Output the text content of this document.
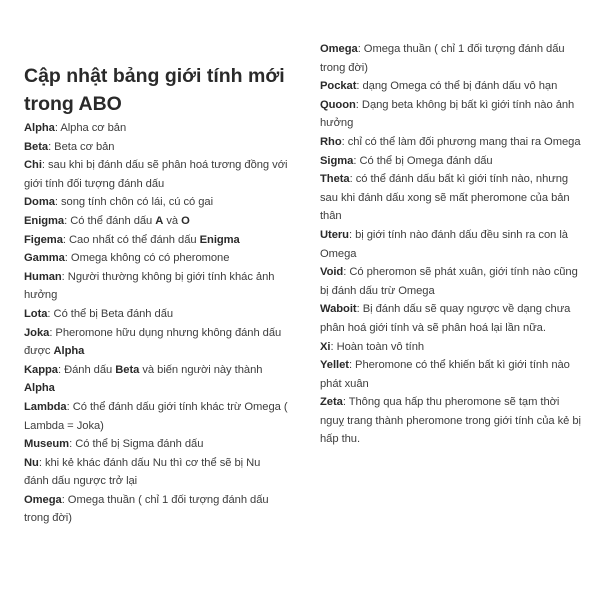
Cập nhật bảng giới tính mới trong ABO
Alpha: Alpha cơ bản
Beta: Beta cơ bản
Chi: sau khi bị đánh dấu sẽ phân hoá tương đồng với giới tính đối tượng đánh dấu
Doma: song tính chôn có lái, cú có gai
Enigma: Có thể đánh dấu A và O
Figema: Cao nhất có thể đánh dấu Enigma
Gamma: Omega không có có pheromone
Human: Người thường không bị giới tính khác ảnh hưởng
Lota: Có thể bị Beta đánh dấu
Joka: Pheromone hữu dụng nhưng không đánh dấu được Alpha
Kappa: Đánh dấu Beta và biến người này thành Alpha
Lambda: Có thể đánh dấu giới tính khác trừ Omega ( Lambda = Joka)
Museum: Có thể bị Sigma đánh dấu
Nu: khi kẻ khác đánh dấu Nu thì cơ thể sẽ bị Nu đánh dấu ngược trở lại
Omega: Omega thuần ( chỉ 1 đối tượng đánh dấu trong đời)
Omega: Omega thuần ( chỉ 1 đối tượng đánh dấu trong đời)
Pockat: dạng Omega có thể bị đánh dấu vô hạn
Quoon: Dạng beta không bị bất kì giới tính nào ảnh hưởng
Rho: chỉ có thể làm đối phương mang thai ra Omega
Sigma: Có thể bị Omega đánh dấu
Theta: có thể đánh dấu bất kì giới tính nào, nhưng sau khi đánh dấu xong sẽ mất pheromone của bản thân
Uteru: bị giới tính nào đánh dấu đều sinh ra con là Omega
Void: Có pheromon sẽ phát xuân, giới tính nào cũng bị đánh dấu trừ Omega
Waboit: Bị đánh dấu sẽ quay ngược về dạng chưa phân hoá giới tính và sẽ phân hoá lại lần nữa.
Xi: Hoàn toàn vô tính
Yellet: Pheromone có thể khiến bất kì giới tính nào phát xuân
Zeta: Thông qua hấp thu pheromone sẽ tạm thời nguỵ trang thành pheromone trong giới tính của kẻ bị hấp thu.
